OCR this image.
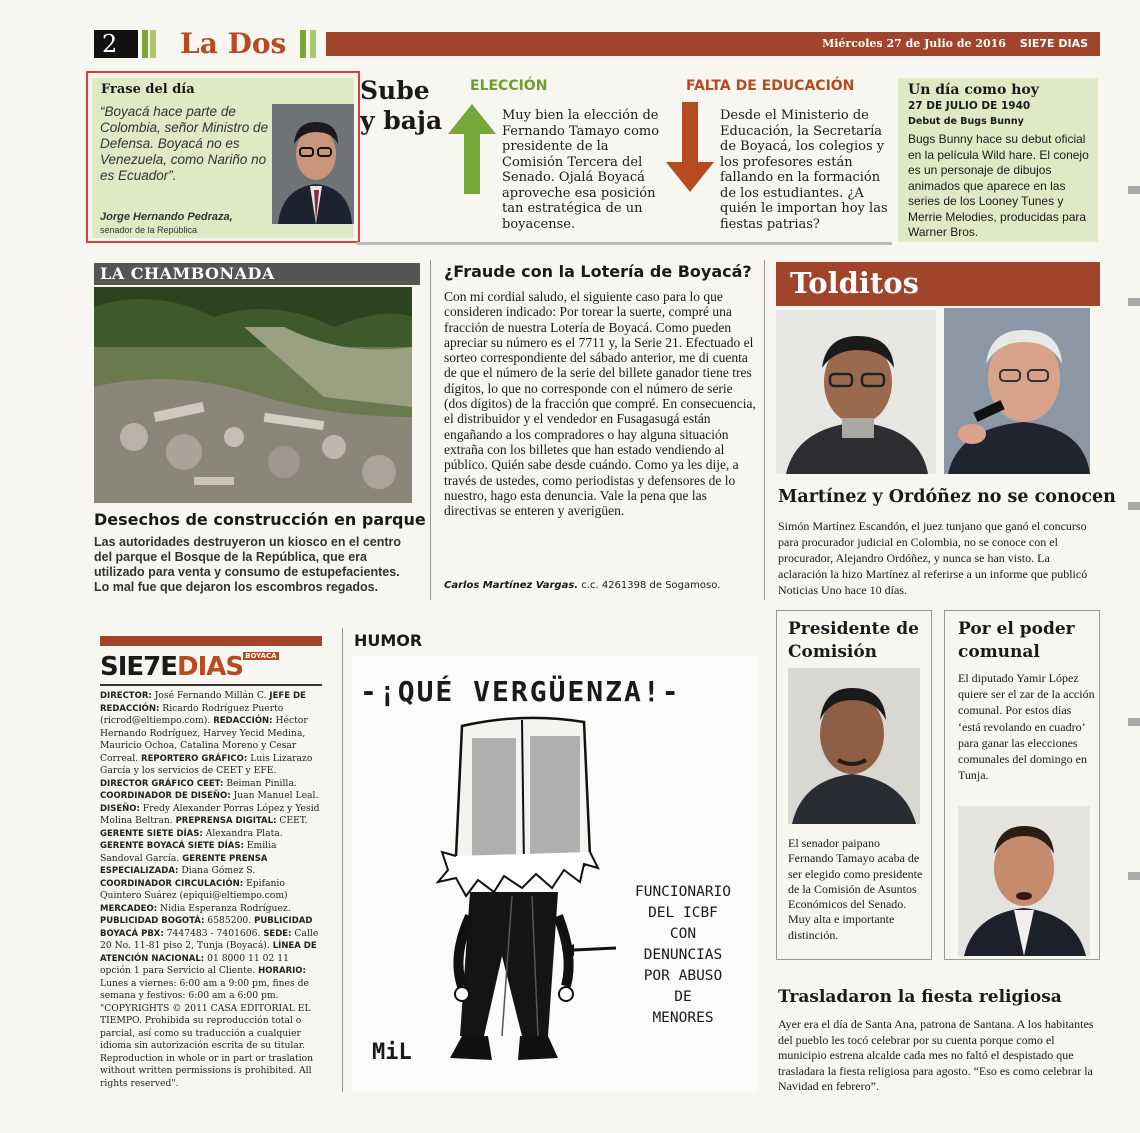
2	La Dos	Miércoles 27 de Julio de 2016 SIE7E DIAS
Frase del día
“Boyacá hace parte de Colombia, señor Ministro de Defensa. Boyacá no es Venezuela, como Nariño no es Ecuador”.
Jorge Hernando Pedraza,
senador de la República
Sube
y baja
ELECCIÓN
Muy bien la elección de Fernando Tamayo como presidente de la Comisión Tercera del Senado. Ojalá Boyacá aproveche esa posición tan estratégica de un boyacense.
FALTA DE EDUCACIÓN
Desde el Ministerio de Educación, la Secretaría de Boyacá, los colegios y los profesores están fallando en la formación de los estudiantes. ¿A quién le importan hoy las fiestas patrias?
Un día como hoy
27 DE JULIO DE 1940
Debut de Bugs Bunny
Bugs Bunny hace su debut oficial en la película Wild hare. El conejo es un personaje de dibujos animados que aparece en las series de los Looney Tunes y Merrie Melodies, producidas para Warner Bros.
LA CHAMBONADA
Desechos de construcción en parque
Las autoridades destruyeron un kiosco en el centro del parque el Bosque de la República, que era utilizado para venta y consumo de estupefacientes. Lo mal fue que dejaron los escombros regados.
¿Fraude con la Lotería de Boyacá?
Con mi cordial saludo, el siguiente caso para lo que consideren indicado: Por torear la suerte, compré una fracción de nuestra Lotería de Boyacá. Como pueden apreciar su número es el 7711 y, la Serie 21. Efectuado el sorteo correspondiente del sábado anterior, me di cuenta de que el número de la serie del billete ganador tiene tres dígitos, lo que no corresponde con el número de serie (dos dígitos) de la fracción que compré. En consecuencia, el distribuidor y el vendedor en Fusagasugá están engañando a los compradores o hay alguna situación extraña con los billetes que han estado vendiendo al público. Quién sabe desde cuándo. Como ya les dije, a través de ustedes, como periodistas y defensores de lo nuestro, hago esta denuncia. Vale la pena que las directivas se enteren y averigüen.
Carlos Martínez Vargas. c.c. 4261398 de Sogamoso.
Tolditos
Martínez y Ordóñez no se conocen
Simón Martínez Escandón, el juez tunjano que ganó el concurso para procurador judicial en Colombia, no se conoce con el procurador, Alejandro Ordóñez, y nunca se han visto. La aclaración la hizo Martínez al referirse a un informe que publicó Noticias Uno hace 10 días.
Presidente de Comisión
El senador paipano Fernando Tamayo acaba de ser elegido como presidente de la Comisión de Asuntos Económicos del Senado. Muy alta e importante distinción.
Por el poder comunal
El diputado Yamir López quiere ser el zar de la acción comunal. Por estos días ‘está revolando en cuadro’ para ganar las elecciones comunales del domingo en Tunja.
Trasladaron la fiesta religiosa
Ayer era el día de Santa Ana, patrona de Santana. A los habitantes del pueblo les tocó celebrar por su cuenta porque como el municipio estrena alcalde cada mes no faltó el despistado que trasladara la fiesta religiosa para agosto. “Eso es como celebrar la Navidad en febrero”.
SIE7EDIAS $^{BOYACÁ}$
DIRECTOR: José Fernando Millán C. JEFE DE REDACCIÓN: Ricardo Rodríguez Puerto (ricrod@eltiempo.com). REDACCIÓN: Héctor Hernando Rodríguez, Harvey Yecid Medina, Mauricio Ochoa, Catalina Moreno y Cesar Correal. REPORTERO GRÁFICO: Luis Lizarazo García y los servicios de CEET y EFE. DIRECTOR GRÁFICO CEET: Beiman Pinilla. COORDINADOR DE DISEÑO: Juan Manuel Leal. DISEÑO: Fredy Alexander Porras López y Yesid Molina Beltran. PREPRENSA DIGITAL: CEET. GERENTE SIETE DÍAS: Alexandra Plata. GERENTE BOYACÁ SIETE DÍAS: Emilia Sandoval García. GERENTE PRENSA ESPECIALIZADA: Diana Gómez S. COORDINADOR CIRCULACIÓN: Epifanio Quintero Suárez (epiqui@eltiempo.com) MERCADEO: Nidia Esperanza Rodríguez. PUBLICIDAD BOGOTÁ: 6585200. PUBLICIDAD BOYACÁ PBX: 7447483 - 7401606. SEDE: Calle 20 No. 11-81 piso 2, Tunja (Boyacá). LÍNEA DE ATENCIÓN NACIONAL: 01 8000 11 02 11 opción 1 para Servicio al Cliente. HORARIO: Lunes a viernes: 6:00 am a 9:00 pm, fines de semana y festivos: 6:00 am a 6:00 pm. "COPYRIGHTS © 2011 CASA EDITORIAL EL TIEMPO. Prohibida su reproducción total o parcial, así como su traducción a cualquier idioma sin autorización escrita de su titular. Reproduction in whole or in part or traslation without written permissions is prohibited. All rights reserved".
HUMOR
-¡QUÉ VERGÜENZA!-
FUNCIONARIO
DEL ICBF
CON
DENUNCIAS
POR ABUSO
DE
MENORES
MiL
